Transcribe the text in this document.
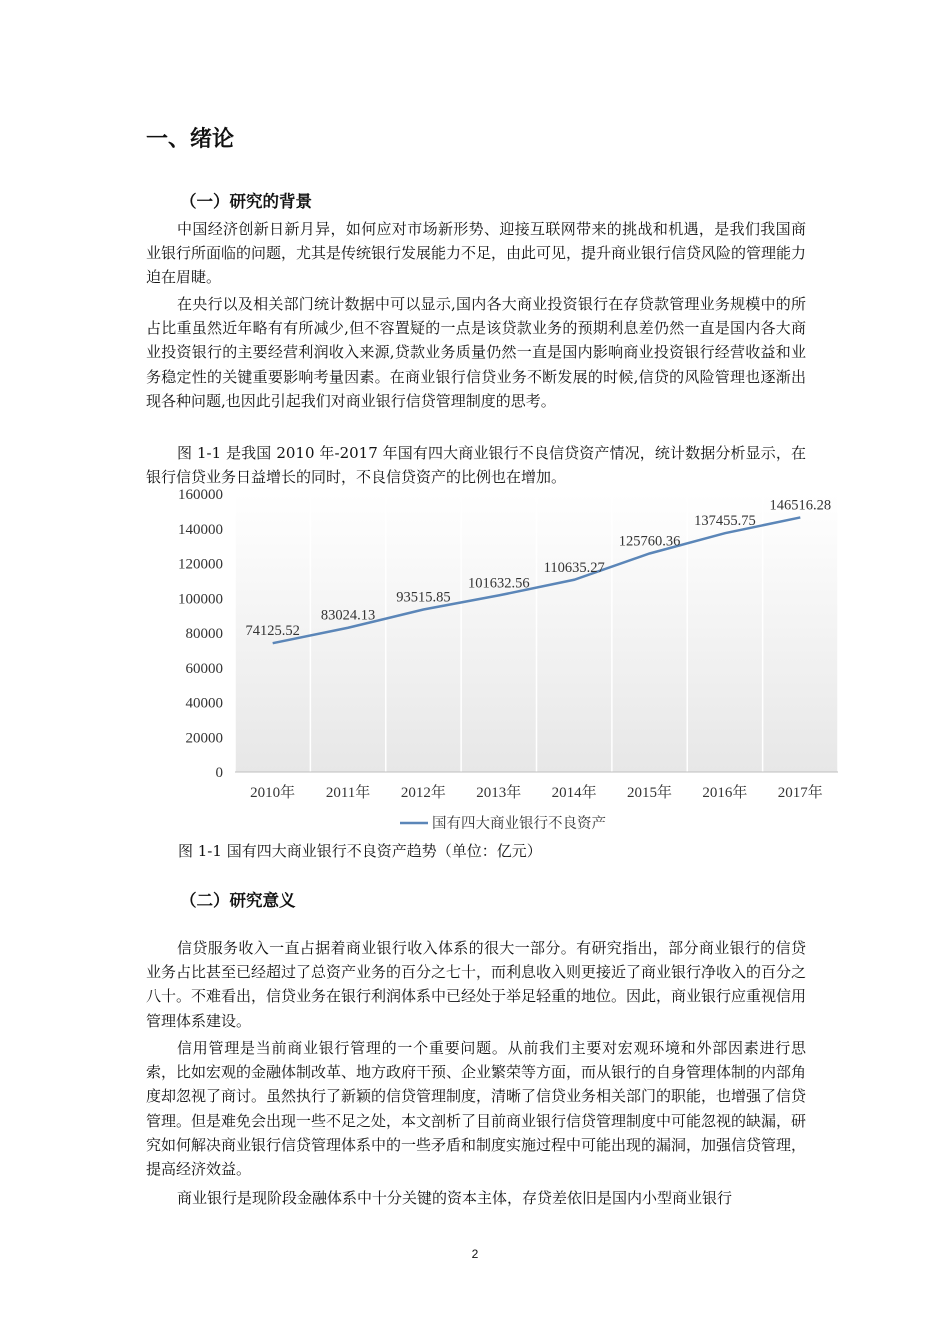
一、绪论
（一）研究的背景

中国经济创新日新月异，如何应对市场新形势、迎接互联网带来的挑战和机遇，是我们我国商业银行所面临的问题，尤其是传统银行发展能力不足，由此可见，提升商业银行信贷风险的管理能力迫在眉睫。

在央行以及相关部门统计数据中可以显示,国内各大商业投资银行在存贷款管理业务规模中的所占比重虽然近年略有有所减少,但不容置疑的一点是该贷款业务的预期利息差仍然一直是国内各大商业投资银行的主要经营利润收入来源,贷款业务质量仍然一直是国内影响商业投资银行经营收益和业务稳定性的关键重要影响考量因素。在商业银行信贷业务不断发展的时候,信贷的风险管理也逐渐出现各种问题,也因此引起我们对商业银行信贷管理制度的思考。

图 1-1 是我国 2010 年-2017 年国有四大商业银行不良信贷资产情况，统计数据分析显示，在银行信贷业务日益增长的同时，不良信贷资产的比例也在增加。

0
20000
40000
60000
80000
100000
120000
140000
160000
2010年 2011年 2012年 2013年 2014年 2015年 2016年 2017年
74125.52
83024.13
93515.85
101632.56
110635.27
125760.36
137455.75
146516.28
国有四大商业银行不良资产

图 1-1 国有四大商业银行不良资产趋势（单位：亿元）

（二）研究意义

信贷服务收入一直占据着商业银行收入体系的很大一部分。有研究指出，部分商业银行的信贷业务占比甚至已经超过了总资产业务的百分之七十，而利息收入则更接近了商业银行净收入的百分之八十。不难看出，信贷业务在银行利润体系中已经处于举足轻重的地位。因此，商业银行应重视信用管理体系建设。

信用管理是当前商业银行管理的一个重要问题。从前我们主要对宏观环境和外部因素进行思索，比如宏观的金融体制改革、地方政府干预、企业繁荣等方面，而从银行的自身管理体制的内部角度却忽视了商讨。虽然执行了新颖的信贷管理制度，清晰了信贷业务相关部门的职能，也增强了信贷管理。但是难免会出现一些不足之处，本文剖析了目前商业银行信贷管理制度中可能忽视的缺漏，研究如何解决商业银行信贷管理体系中的一些矛盾和制度实施过程中可能出现的漏洞，加强信贷管理，提高经济效益。

商业银行是现阶段金融体系中十分关键的资本主体，存贷差依旧是国内小型商业银行

2
